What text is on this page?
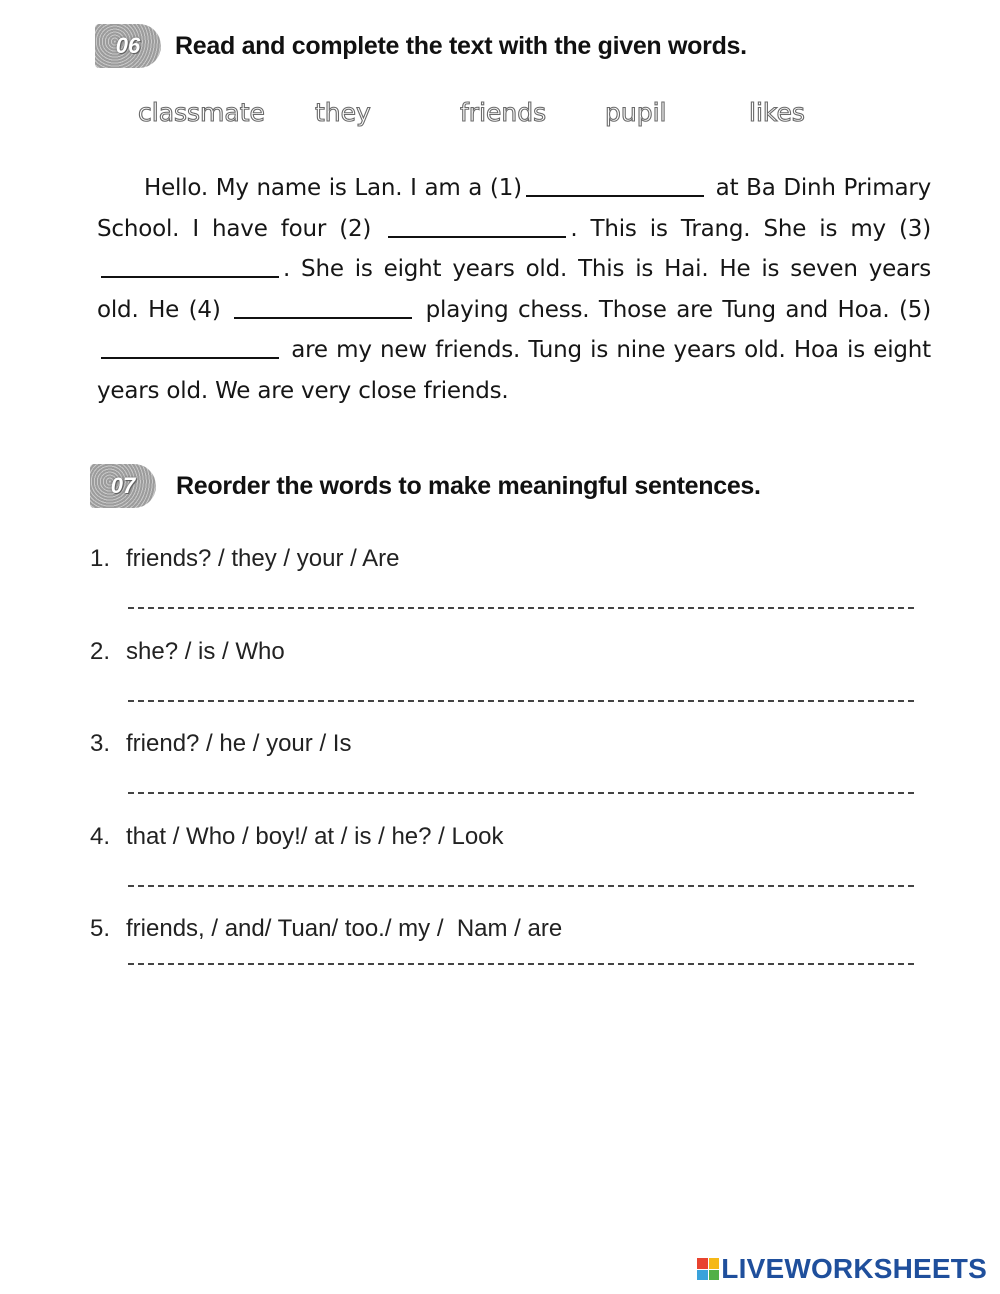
06	Read and complete the text with the given words.
classmate they	friends pupil	likes

Hello. My name is Lan. I am a (1)	at Ba Dinh Primary School. I have four (2)	. This is Trang. She is my (3) . She is eight years old. This is Hai. He is seven years old. He (4)	playing chess. Those are Tung and Hoa. (5)  are my new friends. Tung is nine years old. Hoa is eight years old. We are very close friends.

07	Reorder the words to make meaningful sentences.
1. friends? / they / your / Are
2. she? / is / Who
3. friend? / he / your / Is
4. that / Who / boy!/ at / is / he? / Look
5. friends, / and/ Tuan/ too./ my /  Nam / are
LIVEWORKSHEETS
